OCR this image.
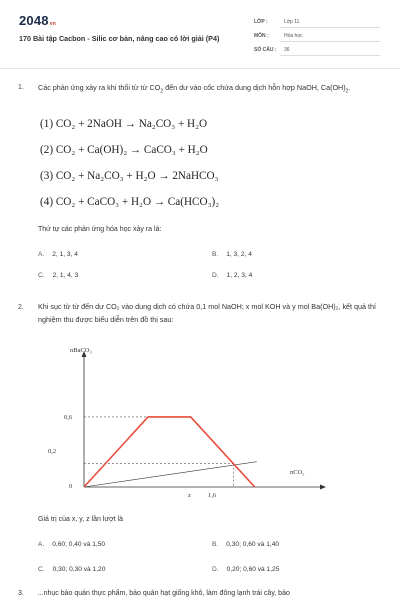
2048vn
170 Bài tập Cacbon - Silic cơ bản, nâng cao có lời giải (P4)
LỚP :	Lớp 11
MÔN :	Hóa học
SỐ CÂU : 36
1. Các phản ứng xảy ra khi thổi từ từ $CO_2$ đến dư vào cốc chứa dung dịch hỗn hợp NaOH, $Ca(OH)_2$.
(1) CO₂ + 2NaOH → Na₂CO₃ + H₂O
(2) CO₂ + Ca(OH)₂ → CaCO₃ + H₂O
(3) CO₂ + Na₂CO₃ + H₂O → 2NaHCO₃
(4) CO₂ + CaCO₃ + H₂O → Ca(HCO₃)₂
Thứ tự các phản ứng hóa học xảy ra là:
A. 2, 1, 3, 4	B. 1, 3, 2, 4
C. 2, 1, 4, 3	D. 1, 2, 3, 4
2. Khi sục từ từ đến dư CO₂ vào dung dịch có chứa 0,1 mol NaOH; x mol KOH và y mol Ba(OH)₂, kết quả thí nghiệm thu được biểu diễn trên đồ thị sau:
nBaCO₃
nCO₂
0,6
0,2
0
z	1,6
Giá trị của x, y, z lần lượt là
A. 0,60; 0,40 và 1,50	B. 0,30; 0,60 và 1,40
C. 0,30; 0,30 và 1,20	D. 0,20; 0,60 và 1,25
3. ...nhục bảo quản thực phẩm, bảo quản hạt giống khô, làm đông lạnh trái cây, bảo
